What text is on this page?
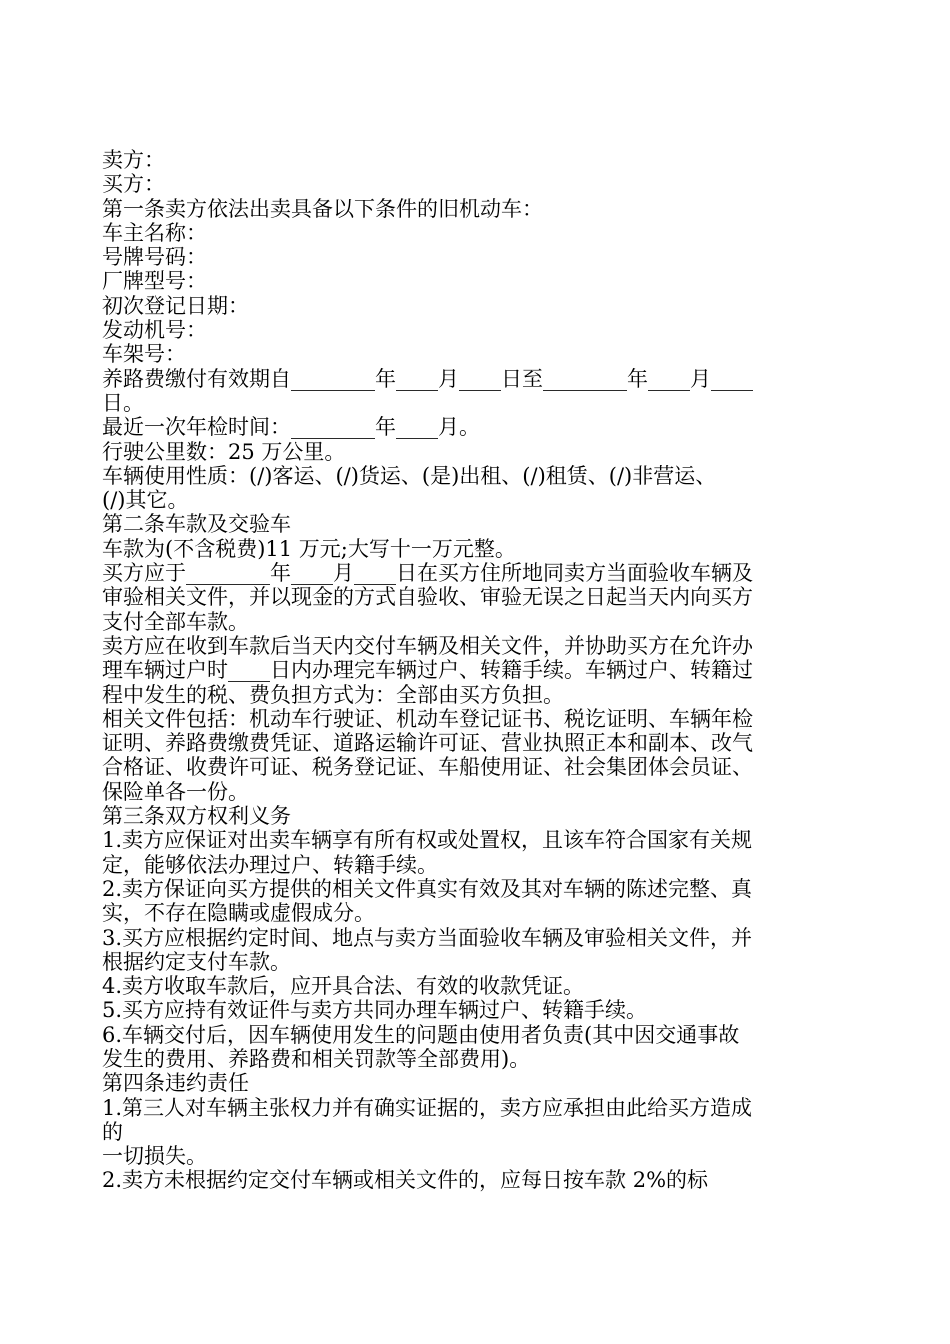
卖方：
买方：
第一条卖方依法出卖具备以下条件的旧机动车：
车主名称：
号牌号码：
厂牌型号：
初次登记日期：
发动机号：
车架号：
养路费缴付有效期自________年____月____日至________年____月____
日。
最近一次年检时间：________年____月。
行驶公里数：25 万公里。
车辆使用性质：(/)客运、(/)货运、(是)出租、(/)租赁、(/)非营运、
(/)其它。
第二条车款及交验车
车款为(不含税费)11 万元;大写十一万元整。
买方应于________年____月____日在买方住所地同卖方当面验收车辆及
审验相关文件，并以现金的方式自验收、审验无误之日起当天内向买方
支付全部车款。
卖方应在收到车款后当天内交付车辆及相关文件，并协助买方在允许办
理车辆过户时____日内办理完车辆过户、转籍手续。车辆过户、转籍过
程中发生的税、费负担方式为：全部由买方负担。
相关文件包括：机动车行驶证、机动车登记证书、税讫证明、车辆年检
证明、养路费缴费凭证、道路运输许可证、营业执照正本和副本、改气
合格证、收费许可证、税务登记证、车船使用证、社会集团体会员证、
保险单各一份。
第三条双方权利义务
1.卖方应保证对出卖车辆享有所有权或处置权，且该车符合国家有关规
定，能够依法办理过户、转籍手续。
2.卖方保证向买方提供的相关文件真实有效及其对车辆的陈述完整、真
实，不存在隐瞒或虚假成分。
3.买方应根据约定时间、地点与卖方当面验收车辆及审验相关文件，并
根据约定支付车款。
4.卖方收取车款后，应开具合法、有效的收款凭证。
5.买方应持有效证件与卖方共同办理车辆过户、转籍手续。
6.车辆交付后，因车辆使用发生的问题由使用者负责(其中因交通事故
发生的费用、养路费和相关罚款等全部费用)。
第四条违约责任
1.第三人对车辆主张权力并有确实证据的，卖方应承担由此给买方造成
的
一切损失。
2.卖方未根据约定交付车辆或相关文件的，应每日按车款 2%的标
